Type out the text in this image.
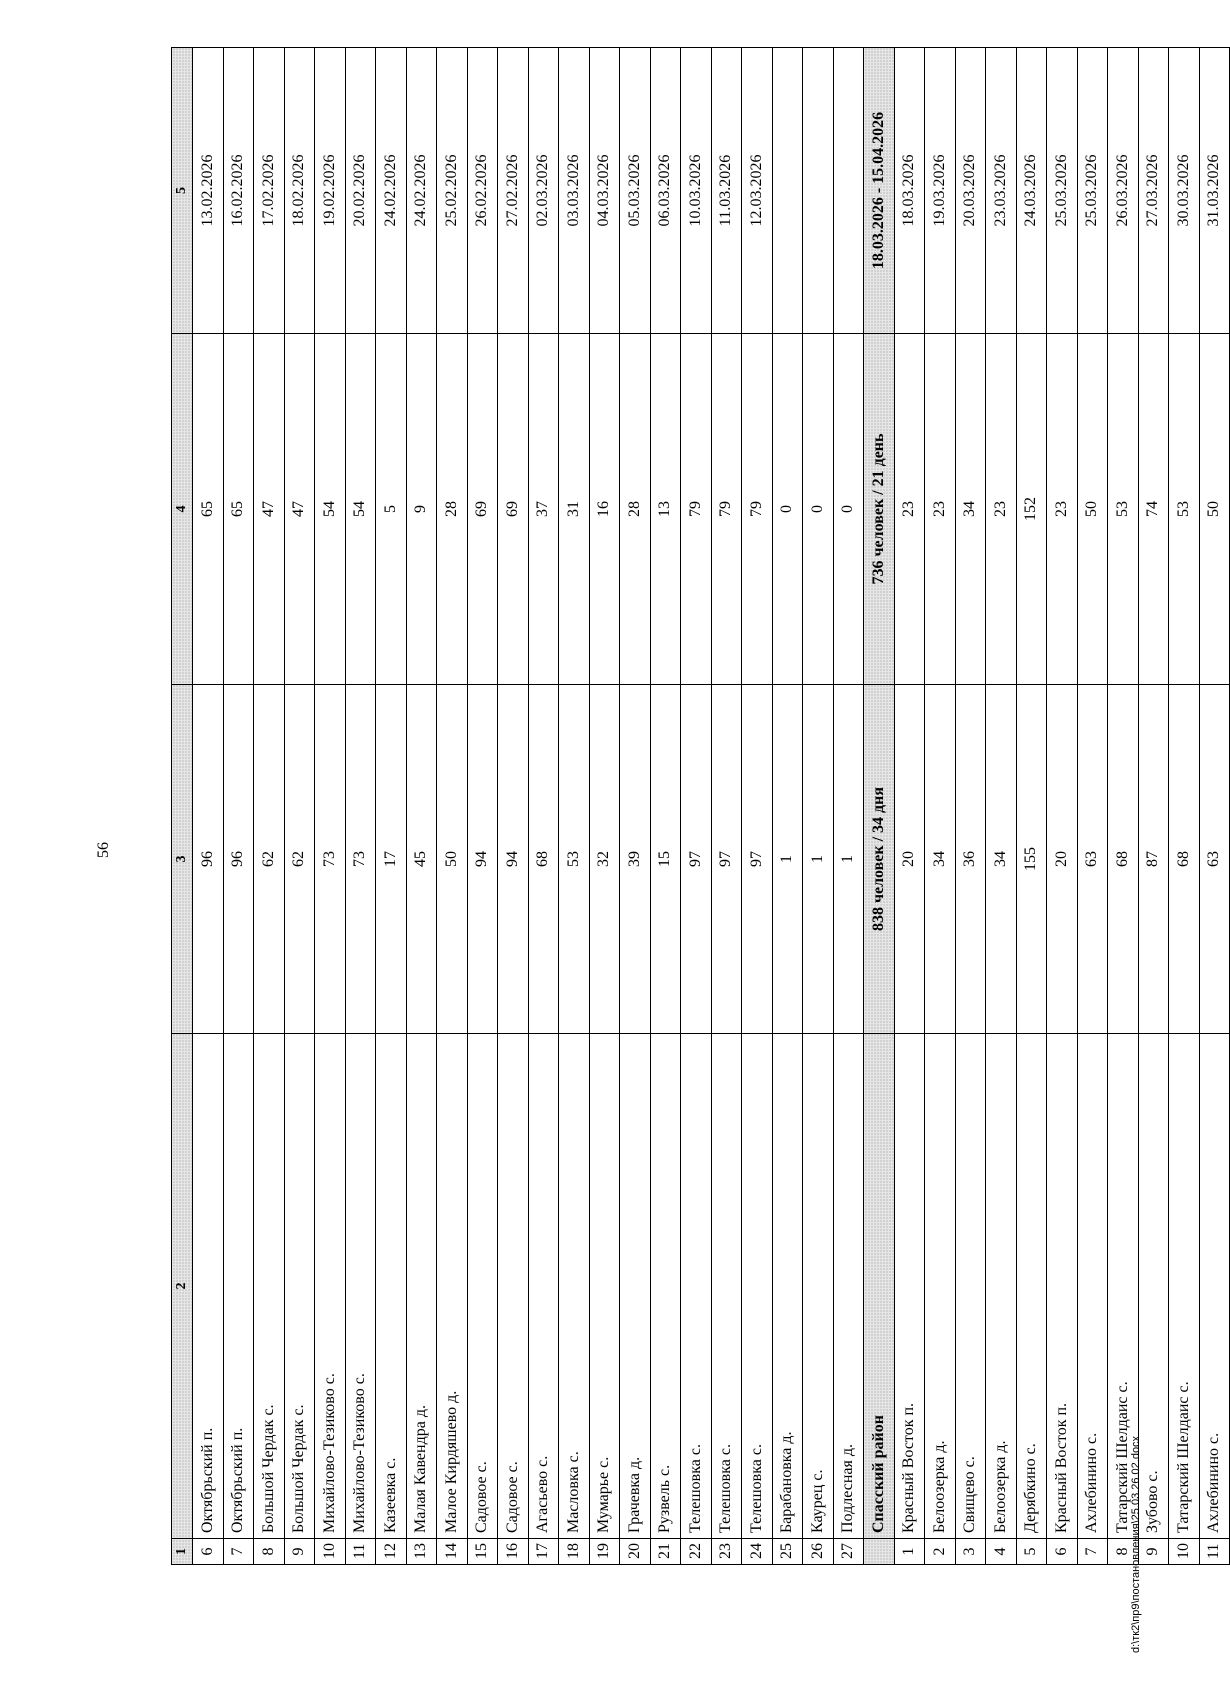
56
d:\тк2\пр9\постановления\25.03.26.02.docx
1	2	3	4	5
6	Октябрьский п.	96	65	13.02.2026
7	Октябрьский п.	96	65	16.02.2026
8	Большой Чердак с.	62	47	17.02.2026
9	Большой Чердак с.	62	47	18.02.2026
10	Михайлово-Тезиково с.	73	54	19.02.2026
11	Михайлово-Тезиково с.	73	54	20.02.2026
12	Казеевка с.	17	5	24.02.2026
13	Малая Кавендра д.	45	9	24.02.2026
14	Малое Кирдяшево д.	50	28	25.02.2026
15	Садовое с.	94	69	26.02.2026
16	Садовое с.	94	69	27.02.2026
17	Агасьево с.	68	37	02.03.2026
18	Масловка с.	53	31	03.03.2026
19	Мумарье с.	32	16	04.03.2026
20	Грачевка д.	39	28	05.03.2026
21	Рузвель с.	15	13	06.03.2026
22	Телешовка с.	97	79	10.03.2026
23	Телешовка с.	97	79	11.03.2026
24	Телешовка с.	97	79	12.03.2026
25	Барабановка д.	1	0	
26	Каурец с.	1	0	
27	Подлесная д.	1	0	
	Спасский район	838 человек / 34 дня	736 человек / 21 день	18.03.2026 - 15.04.2026
1	Красный Восток п.	20	23	18.03.2026
2	Белоозерка д.	34	23	19.03.2026
3	Свищево с.	36	34	20.03.2026
4	Белоозерка д.	34	23	23.03.2026
5	Дерябкино с.	155	152	24.03.2026
6	Красный Восток п.	20	23	25.03.2026
7	Ахлебинино с.	63	50	25.03.2026
8	Татарский Шелдаис с.	68	53	26.03.2026
9	Зубово с.	87	74	27.03.2026
10	Татарский Шелдаис с.	68	53	30.03.2026
11	Ахлебинино с.	63	50	31.03.2026
